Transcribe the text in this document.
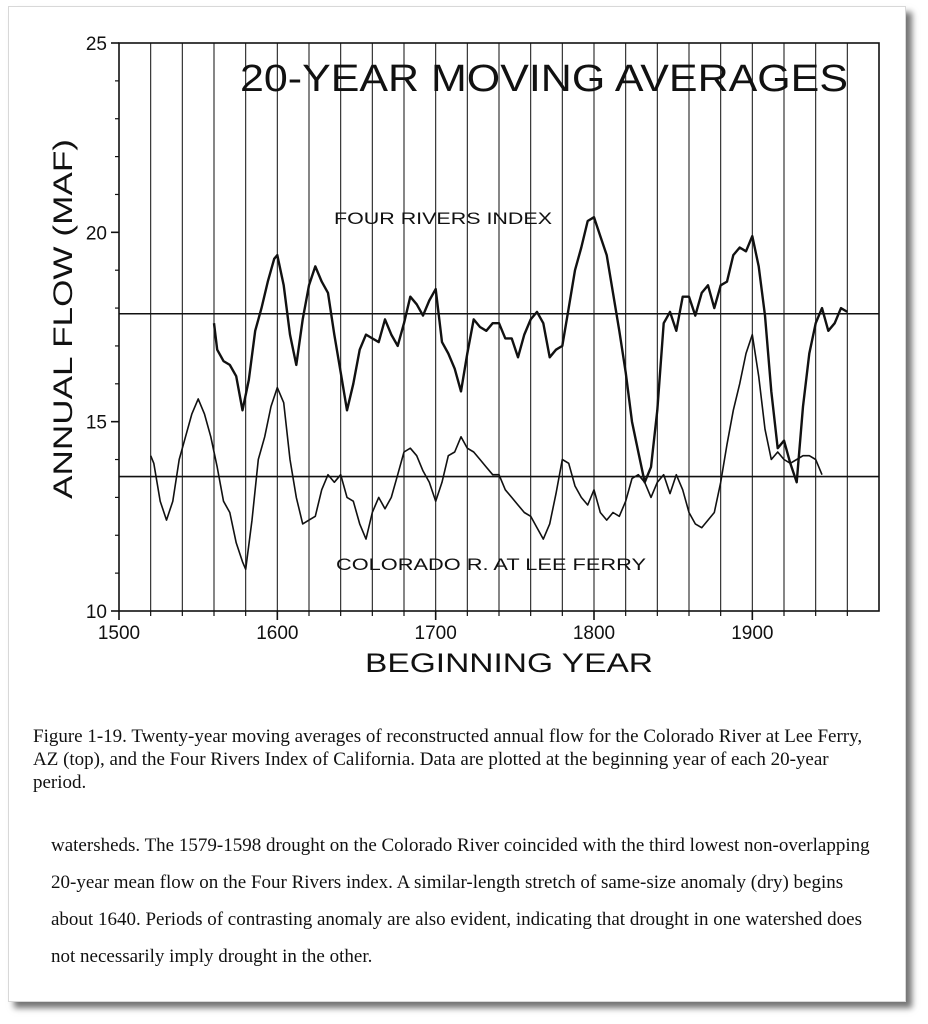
10
15
20
25
1500	1600	1700	1800	1900
20-YEAR MOVING AVERAGES
FOUR RIVERS INDEX
COLORADO R. AT LEE FERRY
BEGINNING YEAR
ANNUAL FLOW (MAF)

Figure 1-19. Twenty-year moving averages of reconstructed annual flow for the Colorado River at Lee Ferry, AZ (top), and the Four Rivers Index of California. Data are plotted at the beginning year of each 20-year period.

watersheds. The 1579-1598 drought on the Colorado River coincided with the third lowest non-overlapping 20-year mean flow on the Four Rivers index. A similar-length stretch of same-size anomaly (dry) begins about 1640. Periods of contrasting anomaly are also evident, indicating that drought in one watershed does not necessarily imply drought in the other.
